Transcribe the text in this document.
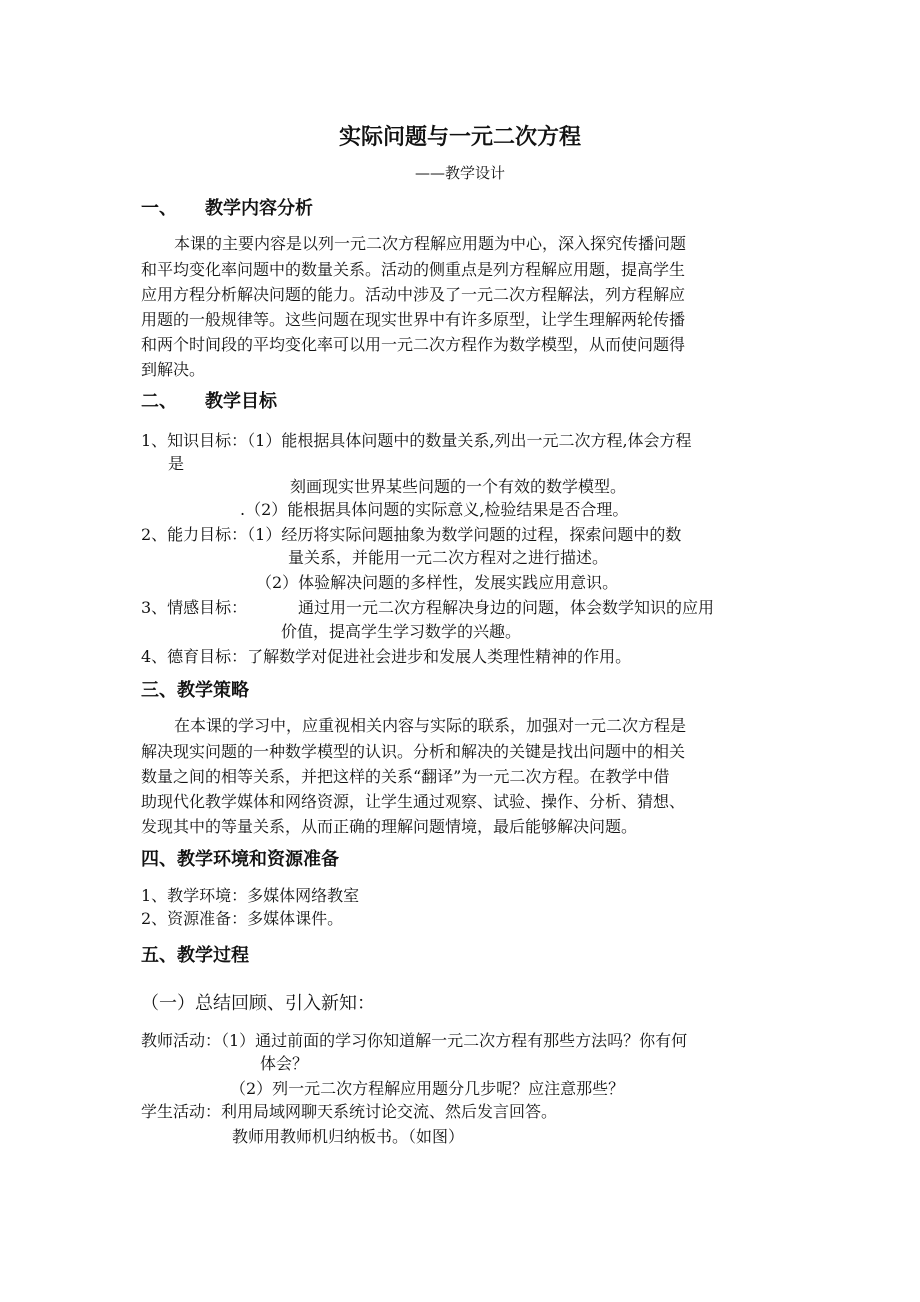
实际问题与一元二次方程
——教学设计
一、 教学内容分析
本课的主要内容是以列一元二次方程解应用题为中心，深入探究传播问题
和平均变化率问题中的数量关系。活动的侧重点是列方程解应用题，提高学生
应用方程分析解决问题的能力。活动中涉及了一元二次方程解法，列方程解应
用题的一般规律等。这些问题在现实世界中有许多原型，让学生理解两轮传播
和两个时间段的平均变化率可以用一元二次方程作为数学模型，从而使问题得
到解决。
二、 教学目标
1、知识目标：（1）能根据具体问题中的数量关系,列出一元二次方程,体会方程
是
刻画现实世界某些问题的一个有效的数学模型。
.（2）能根据具体问题的实际意义,检验结果是否合理。
2、能力目标：（1）经历将实际问题抽象为数学问题的过程，探索问题中的数
量关系，并能用一元二次方程对之进行描述。
（2）体验解决问题的多样性，发展实践应用意识。
3、情感目标：	通过用一元二次方程解决身边的问题，体会数学知识的应用
价值，提高学生学习数学的兴趣。
4、德育目标：了解数学对促进社会进步和发展人类理性精神的作用。
三、教学策略
在本课的学习中，应重视相关内容与实际的联系，加强对一元二次方程是
解决现实问题的一种数学模型的认识。分析和解决的关键是找出问题中的相关
数量之间的相等关系，并把这样的关系“翻译”为一元二次方程。在教学中借
助现代化教学媒体和网络资源，让学生通过观察、试验、操作、分析、猜想、
发现其中的等量关系，从而正确的理解问题情境，最后能够解决问题。
四、教学环境和资源准备
1、教学环境：多媒体网络教室
2、资源准备：多媒体课件。
五、教学过程
（一）总结回顾、引入新知：
教师活动：（1）通过前面的学习你知道解一元二次方程有那些方法吗？你有何
体会？
（2）列一元二次方程解应用题分几步呢？应注意那些？
学生活动：利用局域网聊天系统讨论交流、然后发言回答。
教师用教师机归纳板书。（如图）
